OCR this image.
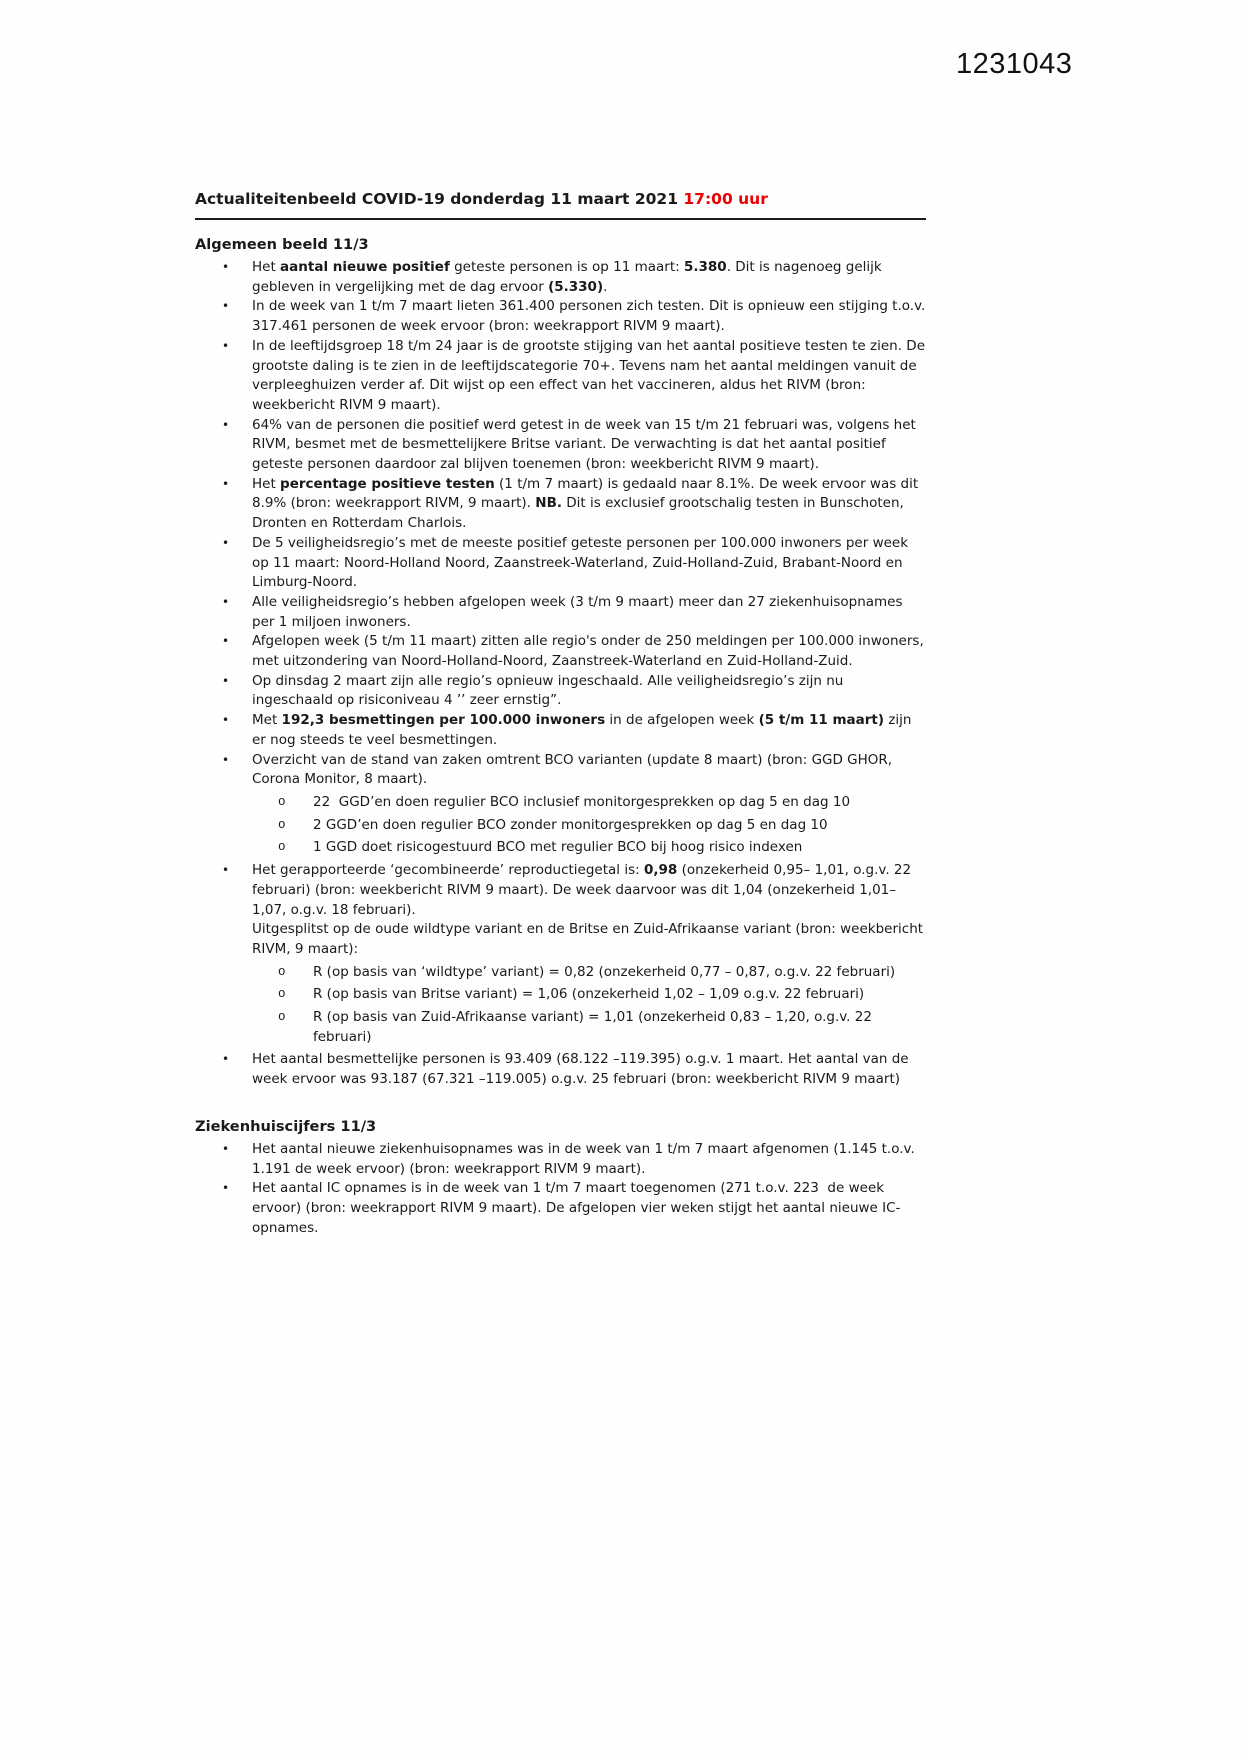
1231043
Actualiteitenbeeld COVID-19 donderdag 11 maart 2021 17:00 uur
Algemeen beeld 11/3
•	Het aantal nieuwe positief geteste personen is op 11 maart: 5.380. Dit is nagenoeg gelijk gebleven in vergelijking met de dag ervoor (5.330).
•	In de week van 1 t/m 7 maart lieten 361.400 personen zich testen. Dit is opnieuw een stijging t.o.v. 317.461 personen de week ervoor (bron: weekrapport RIVM 9 maart).
•	In de leeftijdsgroep 18 t/m 24 jaar is de grootste stijging van het aantal positieve testen te zien. De grootste daling is te zien in de leeftijdscategorie 70+. Tevens nam het aantal meldingen vanuit de verpleeghuizen verder af. Dit wijst op een effect van het vaccineren, aldus het RIVM (bron: weekbericht RIVM 9 maart).
•	64% van de personen die positief werd getest in de week van 15 t/m 21 februari was, volgens het RIVM, besmet met de besmettelijkere Britse variant. De verwachting is dat het aantal positief geteste personen daardoor zal blijven toenemen (bron: weekbericht RIVM 9 maart).
•	Het percentage positieve testen (1 t/m 7 maart) is gedaald naar 8.1%. De week ervoor was dit 8.9% (bron: weekrapport RIVM, 9 maart). NB. Dit is exclusief grootschalig testen in Bunschoten, Dronten en Rotterdam Charlois.
•	De 5 veiligheidsregio’s met de meeste positief geteste personen per 100.000 inwoners per week op 11 maart: Noord-Holland Noord, Zaanstreek-Waterland, Zuid-Holland-Zuid, Brabant-Noord en Limburg-Noord.
•	Alle veiligheidsregio’s hebben afgelopen week (3 t/m 9 maart) meer dan 27 ziekenhuisopnames per 1 miljoen inwoners.
•	Afgelopen week (5 t/m 11 maart) zitten alle regio's onder de 250 meldingen per 100.000 inwoners, met uitzondering van Noord-Holland-Noord, Zaanstreek-Waterland en Zuid-Holland-Zuid.
•	Op dinsdag 2 maart zijn alle regio’s opnieuw ingeschaald. Alle veiligheidsregio’s zijn nu ingeschaald op risiconiveau 4 ’’ zeer ernstig”.
•	Met 192,3 besmettingen per 100.000 inwoners in de afgelopen week (5 t/m 11 maart) zijn er nog steeds te veel besmettingen.
•	Overzicht van de stand van zaken omtrent BCO varianten (update 8 maart) (bron: GGD GHOR, Corona Monitor, 8 maart).
o	22  GGD’en doen regulier BCO inclusief monitorgesprekken op dag 5 en dag 10
o	2 GGD’en doen regulier BCO zonder monitorgesprekken op dag 5 en dag 10
o	1 GGD doet risicogestuurd BCO met regulier BCO bij hoog risico indexen
•	Het gerapporteerde ‘gecombineerde’ reproductiegetal is: 0,98 (onzekerheid 0,95– 1,01, o.g.v. 22 februari) (bron: weekbericht RIVM 9 maart). De week daarvoor was dit 1,04 (onzekerheid 1,01– 1,07, o.g.v. 18 februari).
Uitgesplitst op de oude wildtype variant en de Britse en Zuid-Afrikaanse variant (bron: weekbericht RIVM, 9 maart):
o	R (op basis van ‘wildtype’ variant) = 0,82 (onzekerheid 0,77 – 0,87, o.g.v. 22 februari)
o	R (op basis van Britse variant) = 1,06 (onzekerheid 1,02 – 1,09 o.g.v. 22 februari)
o	R (op basis van Zuid-Afrikaanse variant) = 1,01 (onzekerheid 0,83 – 1,20, o.g.v. 22 februari)
•	Het aantal besmettelijke personen is 93.409 (68.122 –119.395) o.g.v. 1 maart. Het aantal van de week ervoor was 93.187 (67.321 –119.005) o.g.v. 25 februari (bron: weekbericht RIVM 9 maart)
Ziekenhuiscijfers 11/3
•	Het aantal nieuwe ziekenhuisopnames was in de week van 1 t/m 7 maart afgenomen (1.145 t.o.v. 1.191 de week ervoor) (bron: weekrapport RIVM 9 maart).
•	Het aantal IC opnames is in de week van 1 t/m 7 maart toegenomen (271 t.o.v. 223  de week ervoor) (bron: weekrapport RIVM 9 maart). De afgelopen vier weken stijgt het aantal nieuwe IC-opnames.
